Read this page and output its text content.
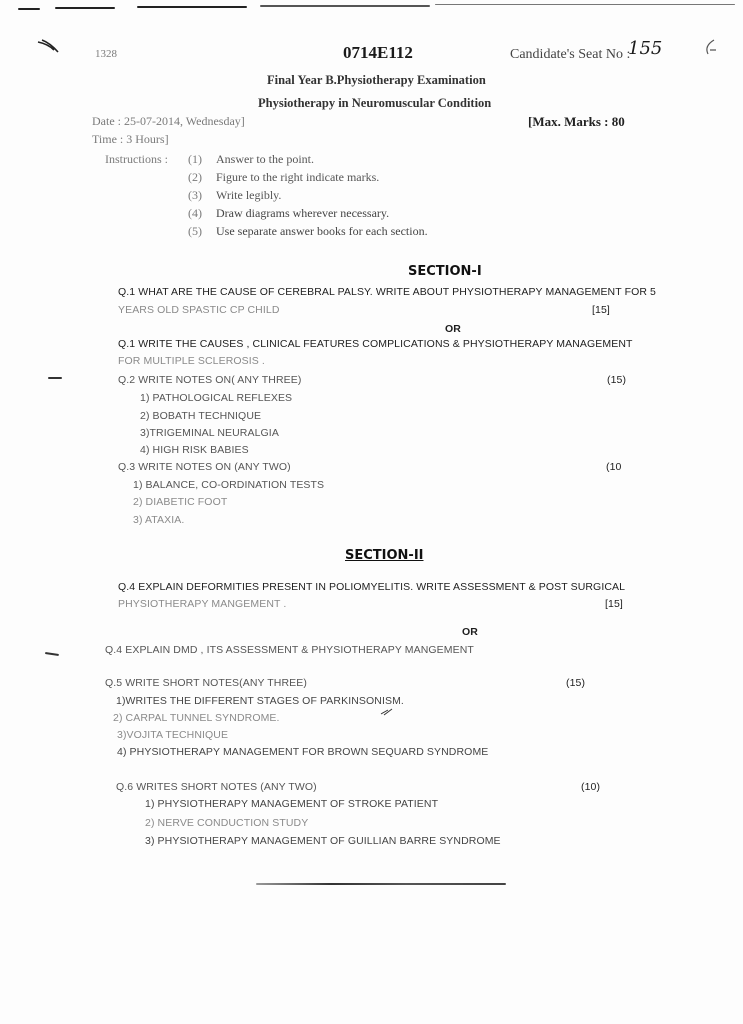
1328	0714E112	Candidate's Seat No :
155
Final Year B.Physiotherapy Examination
Physiotherapy in Neuromuscular Condition
Date : 25-07-2014, Wednesday]	[Max. Marks : 80
Time : 3 Hours]
Instructions : (1) Answer to the point.
(2) Figure to the right indicate marks.
(3) Write legibly.
(4) Draw diagrams wherever necessary.
(5) Use separate answer books for each section.
SECTION-I
Q.1 WHAT ARE THE CAUSE OF CEREBRAL PALSY. WRITE ABOUT PHYSIOTHERAPY MANAGEMENT FOR 5
YEARS OLD SPASTIC CP CHILD	[15]
OR
Q.1 WRITE THE CAUSES , CLINICAL FEATURES COMPLICATIONS & PHYSIOTHERAPY MANAGEMENT
FOR MULTIPLE SCLEROSIS .
Q.2 WRITE NOTES ON( ANY THREE)	(15)
1) PATHOLOGICAL REFLEXES
2) BOBATH TECHNIQUE
3)TRIGEMINAL NEURALGIA
4) HIGH RISK BABIES
Q.3 WRITE NOTES ON (ANY TWO)	(10
1) BALANCE, CO-ORDINATION TESTS
2) DIABETIC FOOT
3) ATAXIA.
SECTION-II
Q.4 EXPLAIN DEFORMITIES PRESENT IN POLIOMYELITIS. WRITE ASSESSMENT & POST SURGICAL
PHYSIOTHERAPY MANGEMENT .	[15]
OR
Q.4 EXPLAIN DMD , ITS ASSESSMENT & PHYSIOTHERAPY MANGEMENT
Q.5 WRITE SHORT NOTES(ANY THREE)	(15)
1)WRITES THE DIFFERENT STAGES OF PARKINSONISM.
2) CARPAL TUNNEL SYNDROME.
3)VOJITA TECHNIQUE
4) PHYSIOTHERAPY MANAGEMENT FOR BROWN SEQUARD SYNDROME
Q.6 WRITES SHORT NOTES (ANY TWO)	(10)
1) PHYSIOTHERAPY MANAGEMENT OF STROKE PATIENT
2) NERVE CONDUCTION STUDY
3) PHYSIOTHERAPY MANAGEMENT OF GUILLIAN BARRE SYNDROME
